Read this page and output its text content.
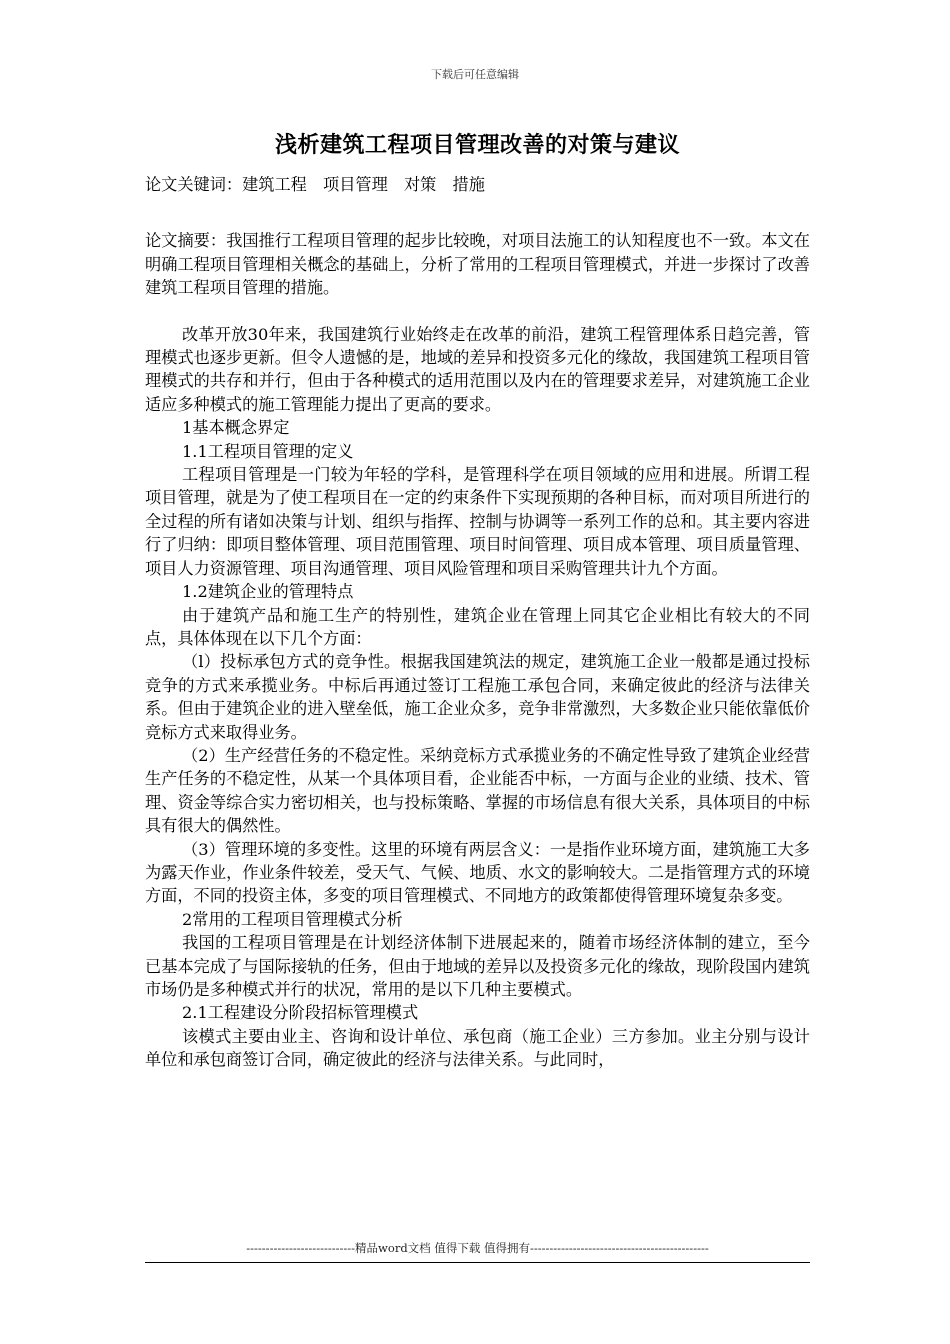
下载后可任意编辑
浅析建筑工程项目管理改善的对策与建议

论文关键词：建筑工程　项目管理　对策　措施

论文摘要：我国推行工程项目管理的起步比较晚，对项目法施工的认知程度也不一致。本文在明确工程项目管理相关概念的基础上，分析了常用的工程项目管理模式，并进一步探讨了改善建筑工程项目管理的措施。

改革开放30年来，我国建筑行业始终走在改革的前沿，建筑工程管理体系日趋完善，管理模式也逐步更新。但令人遗憾的是，地域的差异和投资多元化的缘故，我国建筑工程项目管理模式的共存和并行，但由于各种模式的适用范围以及内在的管理要求差异，对建筑施工企业适应多种模式的施工管理能力提出了更高的要求。

1基本概念界定

1.1工程项目管理的定义

工程项目管理是一门较为年轻的学科，是管理科学在项目领域的应用和进展。所谓工程项目管理，就是为了使工程项目在一定的约束条件下实现预期的各种目标，而对项目所进行的全过程的所有诸如决策与计划、组织与指挥、控制与协调等一系列工作的总和。其主要内容进行了归纳：即项目整体管理、项目范围管理、项目时间管理、项目成本管理、项目质量管理、项目人力资源管理、项目沟通管理、项目风险管理和项目采购管理共计九个方面。

1.2建筑企业的管理特点

由于建筑产品和施工生产的特别性，建筑企业在管理上同其它企业相比有较大的不同点，具体体现在以下几个方面：

（l）投标承包方式的竞争性。根据我国建筑法的规定，建筑施工企业一般都是通过投标竞争的方式来承揽业务。中标后再通过签订工程施工承包合同，来确定彼此的经济与法律关系。但由于建筑企业的进入壁垒低，施工企业众多，竞争非常激烈，大多数企业只能依靠低价竞标方式来取得业务。

（2）生产经营任务的不稳定性。采纳竞标方式承揽业务的不确定性导致了建筑企业经营生产任务的不稳定性，从某一个具体项目看，企业能否中标，一方面与企业的业绩、技术、管理、资金等综合实力密切相关，也与投标策略、掌握的市场信息有很大关系，具体项目的中标具有很大的偶然性。

（3）管理环境的多变性。这里的环境有两层含义：一是指作业环境方面，建筑施工大多为露天作业，作业条件较差，受天气、气候、地质、水文的影响较大。二是指管理方式的环境方面，不同的投资主体，多变的项目管理模式、不同地方的政策都使得管理环境复杂多变。

2常用的工程项目管理模式分析

我国的工程项目管理是在计划经济体制下进展起来的，随着市场经济体制的建立，至今已基本完成了与国际接轨的任务，但由于地域的差异以及投资多元化的缘故，现阶段国内建筑市场仍是多种模式并行的状况，常用的是以下几种主要模式。

2.1工程建设分阶段招标管理模式

该模式主要由业主、咨询和设计单位、承包商（施工企业）三方参加。业主分别与设计单位和承包商签订合同，确定彼此的经济与法律关系。与此同时，

----------------------------精品word文档 值得下载 值得拥有----------------------------------------------
